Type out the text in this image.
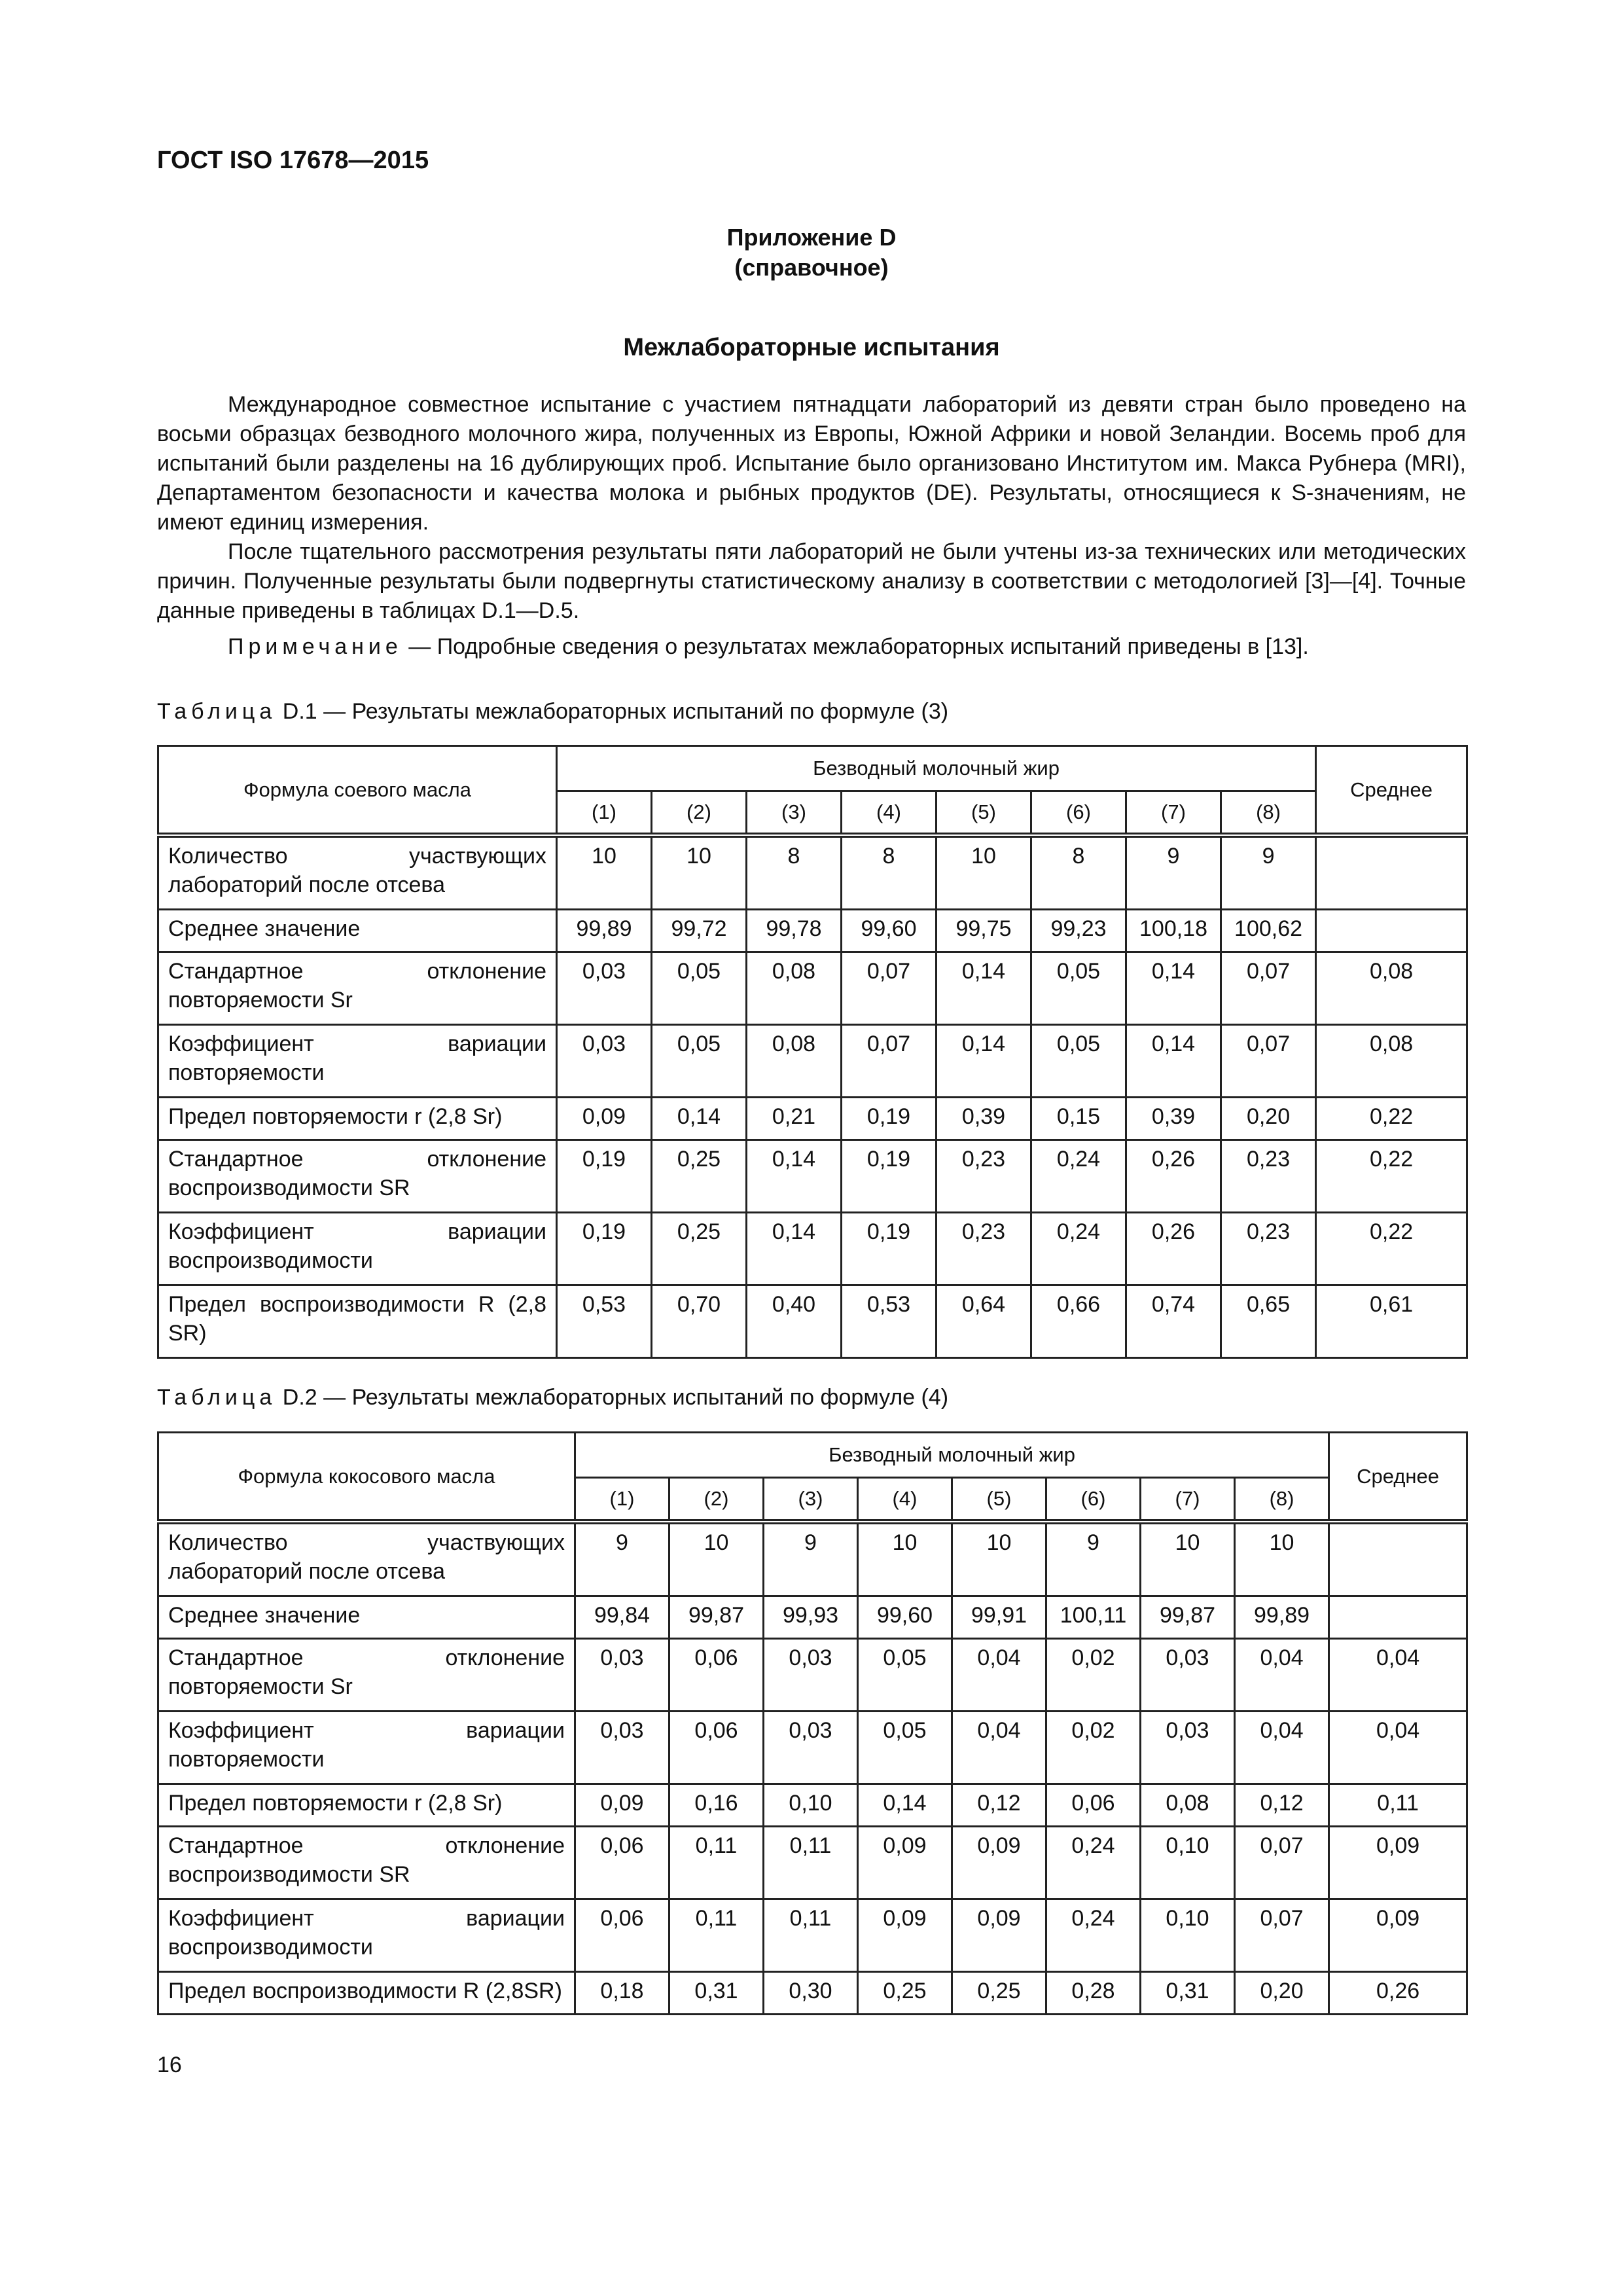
ГОСТ ISO 17678—2015
Приложение D
(справочное)
Межлабораторные испытания

Международное совместное испытание с участием пятнадцати лабораторий из девяти стран было проведено на восьми образцах безводного молочного жира, полученных из Европы, Южной Африки и новой Зеландии. Восемь проб для испытаний были разделены на 16 дублирующих проб. Испытание было организовано Институтом им. Макса Рубнера (MRI), Департаментом безопасности и качества молока и рыбных продуктов (DE). Результаты, относящиеся к S-значениям, не имеют единиц измерения.

После тщательного рассмотрения результаты пяти лабораторий не были учтены из-за технических или методических причин. Полученные результаты были подвергнуты статистическому анализу в соответствии с методологией [3]—[4]. Точные данные приведены в таблицах D.1—D.5.

Примечание — Подробные сведения о результатах межлабораторных испытаний приведены в [13].

Таблица D.1 — Результаты межлабораторных испытаний по формуле (3)
Формула соевого масла	Безводный молочный жир								Среднее
	(1)	(2)	(3)	(4)	(5)	(6)	(7)	(8)	
Количество участвующих лабораторий после отсева	10	10	8	8	10	8	9	9	
Среднее значение	99,89	99,72	99,78	99,60	99,75	99,23	100,18	100,62	
Стандартное отклонение повторяемости Sr	0,03	0,05	0,08	0,07	0,14	0,05	0,14	0,07	0,08
Коэффициент вариации повторяемости	0,03	0,05	0,08	0,07	0,14	0,05	0,14	0,07	0,08
Предел повторяемости r (2,8 Sr)	0,09	0,14	0,21	0,19	0,39	0,15	0,39	0,20	0,22
Стандартное отклонение воспроизводимости SR	0,19	0,25	0,14	0,19	0,23	0,24	0,26	0,23	0,22
Коэффициент вариации воспроизводимости	0,19	0,25	0,14	0,19	0,23	0,24	0,26	0,23	0,22
Предел воспроизводимости R (2,8 SR)	0,53	0,70	0,40	0,53	0,64	0,66	0,74	0,65	0,61
Таблица D.2 — Результаты межлабораторных испытаний по формуле (4)
Формула кокосового масла	Безводный молочный жир								Среднее
	(1)	(2)	(3)	(4)	(5)	(6)	(7)	(8)	
Количество участвующих лабораторий после отсева	9	10	9	10	10	9	10	10	
Среднее значение	99,84	99,87	99,93	99,60	99,91	100,11	99,87	99,89	
Стандартное отклонение повторяемости Sr	0,03	0,06	0,03	0,05	0,04	0,02	0,03	0,04	0,04
Коэффициент вариации повторяемости	0,03	0,06	0,03	0,05	0,04	0,02	0,03	0,04	0,04
Предел повторяемости r (2,8 Sr)	0,09	0,16	0,10	0,14	0,12	0,06	0,08	0,12	0,11
Стандартное отклонение воспроизводимости SR	0,06	0,11	0,11	0,09	0,09	0,24	0,10	0,07	0,09
Коэффициент вариации воспроизводимости	0,06	0,11	0,11	0,09	0,09	0,24	0,10	0,07	0,09
Предел воспроизводимости R (2,8SR)	0,18	0,31	0,30	0,25	0,25	0,28	0,31	0,20	0,26
16
